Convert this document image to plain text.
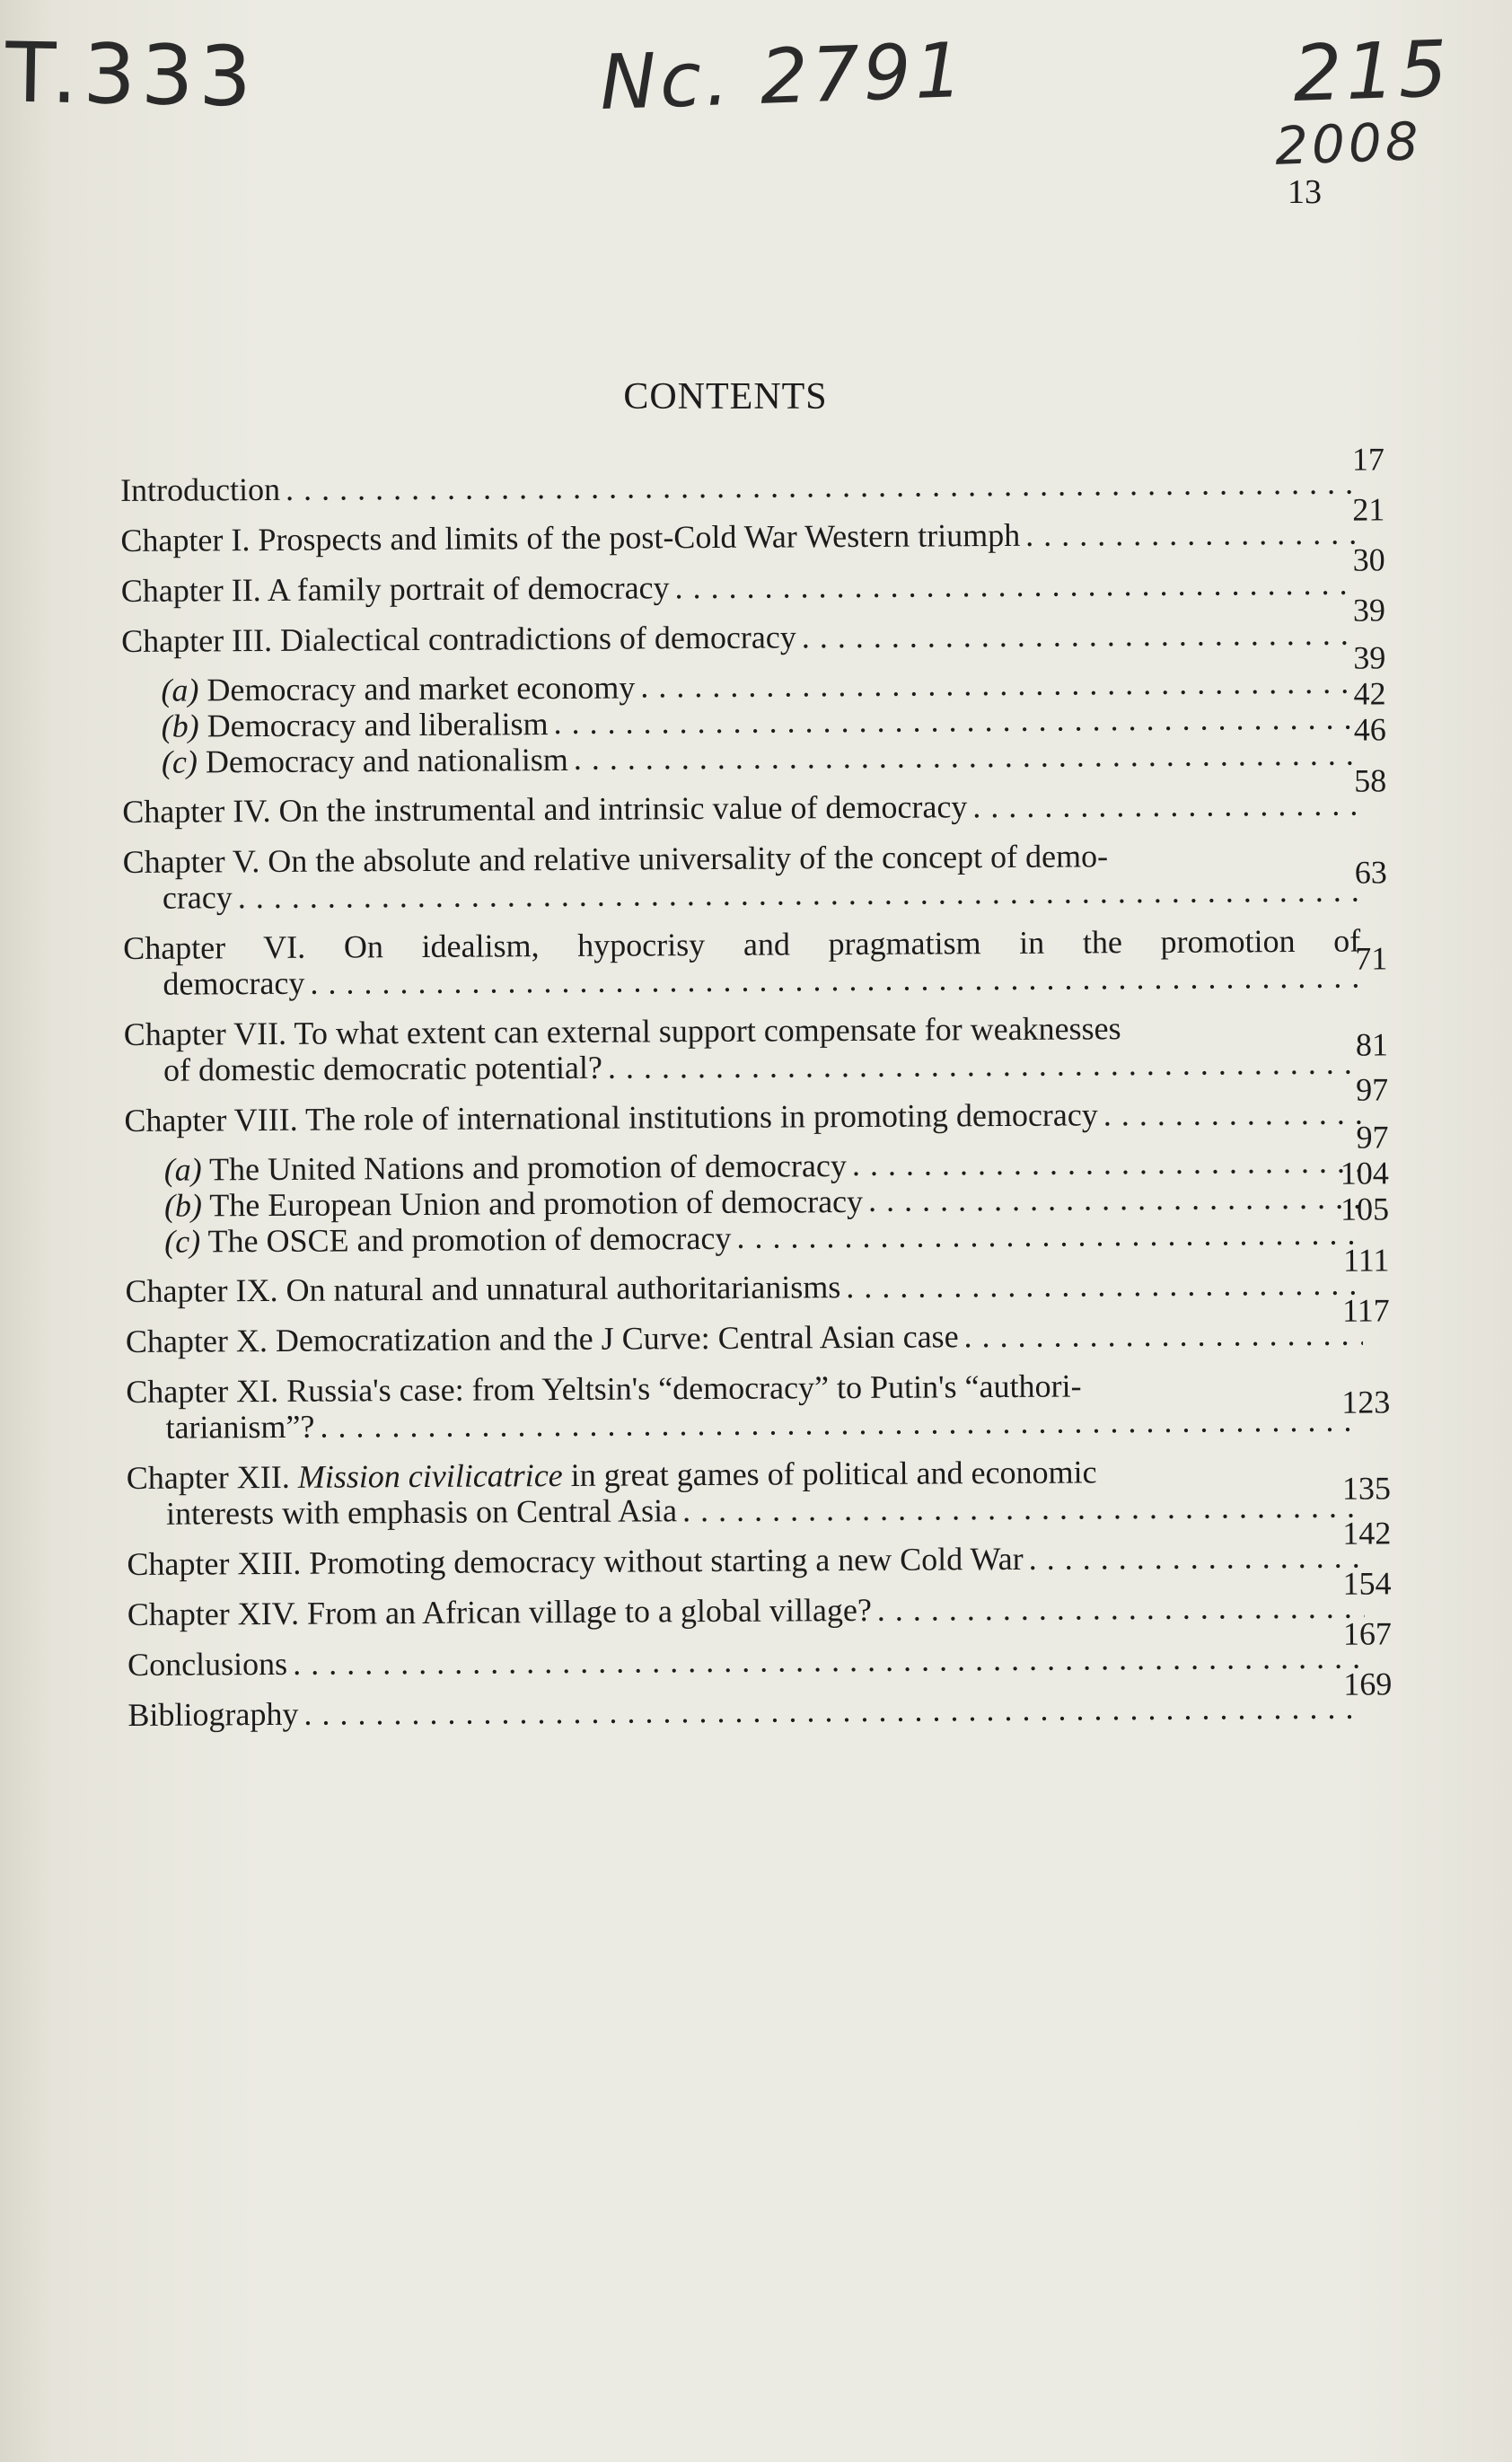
T.333	Nc. 2791	215
2008
13
CONTENTS
Introduction
. . .
17
Chapter I. Prospects and limits of the post-Cold War Western triumph
. . .
21
Chapter II. A family portrait of democracy
. . .
30
Chapter III. Dialectical contradictions of democracy
. . .
39
(a) Democracy and market economy
. . .
39
(b) Democracy and liberalism
. . .
42
(c) Democracy and nationalism
. . .
46
Chapter IV. On the instrumental and intrinsic value of democracy
. . .
58
Chapter V. On the absolute and relative universality of the concept of demo-
cracy
. . .
63
Chapter VI. On idealism, hypocrisy and pragmatism in the promotion of
democracy
. . .
71
Chapter VII. To what extent can external support compensate for weaknesses
of domestic democratic potential?
. . .
81
Chapter VIII. The role of international institutions in promoting democracy
. . .
97
(a) The United Nations and promotion of democracy
. . .
97
(b) The European Union and promotion of democracy
. . .
104
(c) The OSCE and promotion of democracy
. . .
105
Chapter IX. On natural and unnatural authoritarianisms
. . .
111
Chapter X. Democratization and the J Curve: Central Asian case
. . .
117
Chapter XI. Russia's case: from Yeltsin's “democracy” to Putin's “authori-
tarianism”?
. . .
123
Chapter XII. Mission civilicatrice in great games of political and economic
interests with emphasis on Central Asia
. . .
135
Chapter XIII. Promoting democracy without starting a new Cold War
. . .
142
Chapter XIV. From an African village to a global village?
. . .
154
Conclusions
. . .
167
Bibliography
. . .
169
